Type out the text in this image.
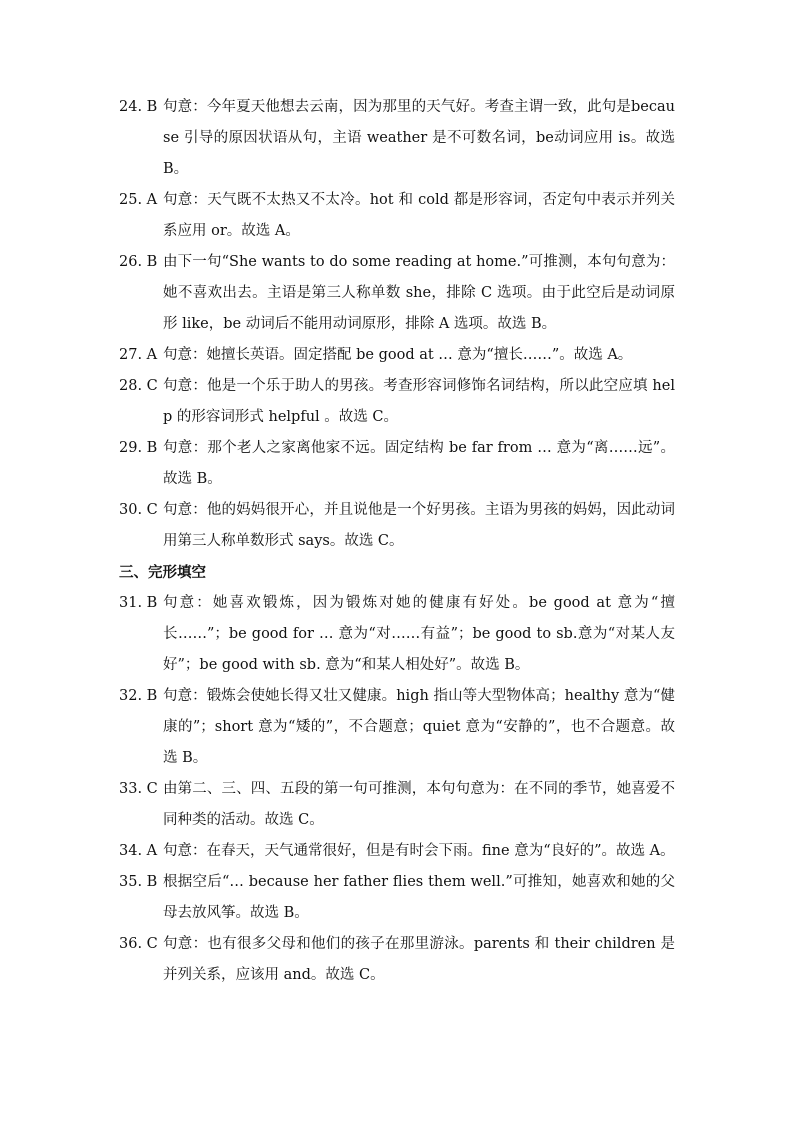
24. B 句意：今年夏天他想去云南，因为那里的天气好。考查主谓一致，此句是because 引导的原因状语从句，主语 weather 是不可数名词，be动词应用 is。故选 B。
25. A 句意：天气既不太热又不太冷。hot 和 cold 都是形容词，否定句中表示并列关系应用 or。故选 A。
26. B 由下一句“She wants to do some reading at home.”可推测，本句句意为：她不喜欢出去。主语是第三人称单数 she，排除 C 选项。由于此空后是动词原形 like，be 动词后不能用动词原形，排除 A 选项。故选 B。
27. A 句意：她擅长英语。固定搭配 be good at … 意为“擅长……”。故选 A。
28. C 句意：他是一个乐于助人的男孩。考查形容词修饰名词结构，所以此空应填 help 的形容词形式 helpful 。故选 C。
29. B 句意：那个老人之家离他家不远。固定结构 be far from … 意为“离……远”。故选 B。
30. C 句意：他的妈妈很开心，并且说他是一个好男孩。主语为男孩的妈妈，因此动词用第三人称单数形式 says。故选 C。
三、完形填空
31. B 句意：她喜欢锻炼，因为锻炼对她的健康有好处。be good at 意为“擅长……”；be good for … 意为“对……有益”；be good to sb.意为“对某人友好”；be good with sb. 意为“和某人相处好”。故选 B。
32. B 句意：锻炼会使她长得又壮又健康。high 指山等大型物体高；healthy 意为“健康的”；short 意为“矮的”，不合题意；quiet 意为“安静的”，也不合题意。故选 B。
33. C 由第二、三、四、五段的第一句可推测，本句句意为：在不同的季节，她喜爱不同种类的活动。故选 C。
34. A 句意：在春天，天气通常很好，但是有时会下雨。fine 意为“良好的”。故选 A。
35. B 根据空后“… because her father flies them well.”可推知，她喜欢和她的父母去放风筝。故选 B。
36. C 句意：也有很多父母和他们的孩子在那里游泳。parents 和 their children 是并列关系，应该用 and。故选 C。
